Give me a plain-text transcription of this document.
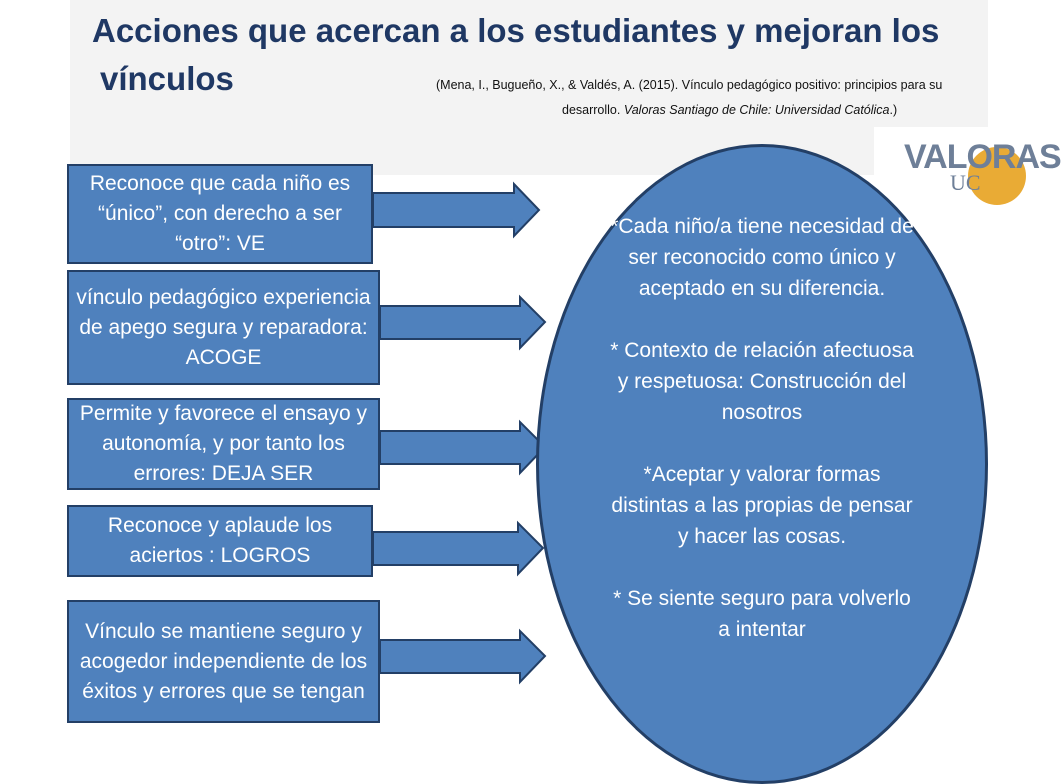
Acciones que acercan a los estudiantes y mejoran los
vínculos	(Mena, I., Bugueño, X., & Valdés, A. (2015). Vínculo pedagógico positivo: principios para su
desarrollo. Valoras Santiago de Chile: Universidad Católica.)
VALORAS
UC
Reconoce que cada niño es “único”, con derecho a ser “otro”: VE
vínculo pedagógico experiencia de apego segura y reparadora: ACOGE
Permite y favorece el ensayo y autonomía, y por tanto los errores: DEJA SER
Reconoce y aplaude los aciertos : LOGROS
Vínculo se mantiene seguro y acogedor independiente de los éxitos y errores que se tengan

*Cada niño/a tiene necesidad de ser reconocido como único y aceptado en su diferencia.

* Contexto de relación afectuosa y respetuosa: Construcción del nosotros

*Aceptar y valorar formas distintas a las propias de pensar y hacer las cosas.

* Se siente seguro para volverlo a intentar
